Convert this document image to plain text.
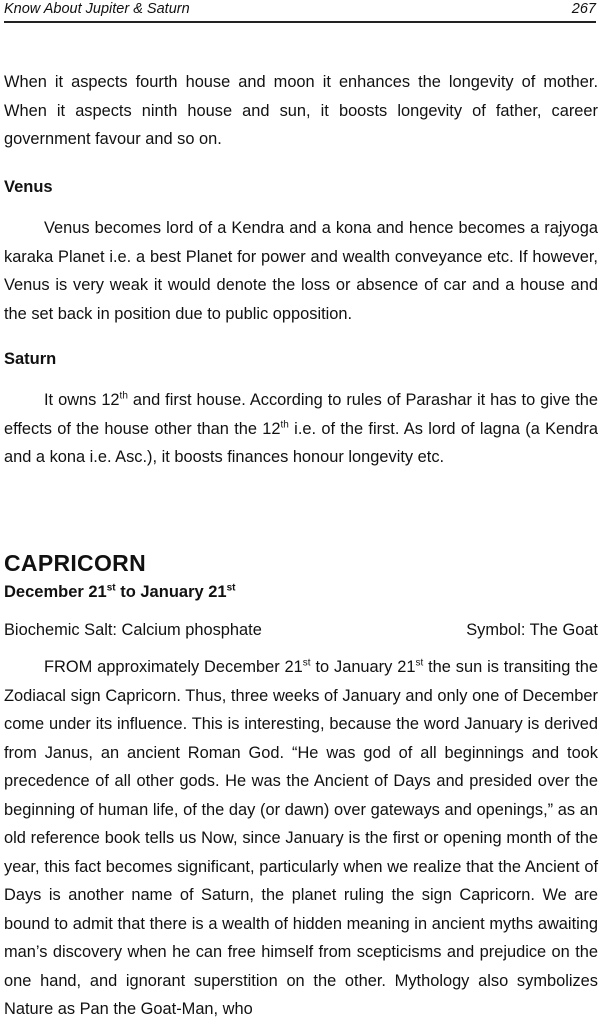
Know About Jupiter & Saturn	267

When it aspects fourth house and moon it enhances the longevity of mother. When it aspects ninth house and sun, it boosts longevity of father, career government favour and so on.

Venus

Venus becomes lord of a Kendra and a kona and hence becomes a rajyoga karaka Planet i.e. a best Planet for power and wealth conveyance etc. If however, Venus is very weak it would denote the loss or absence of car and a house and the set back in position due to public opposition.

Saturn

It owns 12th and first house. According to rules of Parashar it has to give the effects of the house other than the 12th i.e. of the first. As lord of lagna (a Kendra and a kona i.e. Asc.), it boosts finances honour longevity etc.

CAPRICORN

December 21st to January 21st

Biochemic Salt: Calcium phosphate	Symbol: The Goat

FROM approximately December 21st to January 21st the sun is transiting the Zodiacal sign Capricorn. Thus, three weeks of January and only one of December come under its influence. This is interesting, because the word January is derived from Janus, an ancient Roman God. “He was god of all beginnings and took precedence of all other gods. He was the Ancient of Days and presided over the beginning of human life, of the day (or dawn) over gateways and openings,” as an old reference book tells us Now, since January is the first or opening month of the year, this fact becomes significant, particularly when we realize that the Ancient of Days is another name of Saturn, the planet ruling the sign Capricorn. We are bound to admit that there is a wealth of hidden meaning in ancient myths awaiting man’s discovery when he can free himself from scepticisms and prejudice on the one hand, and ignorant superstition on the other. Mythology also symbolizes Nature as Pan the Goat-Man, who
